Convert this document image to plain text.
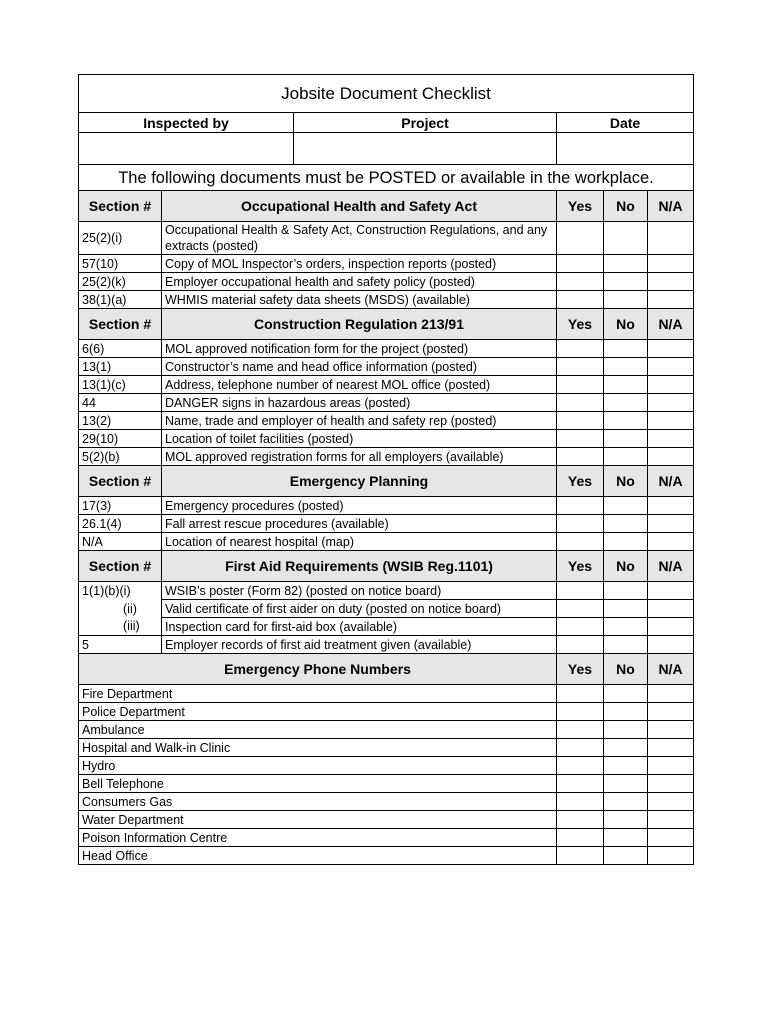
Jobsite Document Checklist					
Inspected by		Project	Date		

The following documents must be POSTED or available in the workplace.					
Section #	Occupational Health and Safety Act		Yes	No	N/A
25(2)(i)	Occupational Health & Safety Act, Construction Regulations, and any extracts (posted)				
57(10)	Copy of MOL Inspector’s orders, inspection reports (posted)				
25(2)(k)	Employer occupational health and safety policy (posted)				
38(1)(a)	WHMIS material safety data sheets (MSDS) (available)				
Section #	Construction Regulation 213/91		Yes	No	N/A
6(6)	MOL approved notification form for the project (posted)				
13(1)	Constructor’s name and head office information (posted)				
13(1)(c)	Address, telephone number of nearest MOL office (posted)				
44	DANGER signs in hazardous areas (posted)				
13(2)	Name, trade and employer of health and safety rep (posted)				
29(10)	Location of toilet facilities (posted)				
5(2)(b)	MOL approved registration forms for all employers (available)				
Section #	Emergency Planning		Yes	No	N/A
17(3)	Emergency procedures (posted)				
26.1(4)	Fall arrest rescue procedures (available)				
N/A	Location of nearest hospital (map)				
Section #	First Aid Requirements (WSIB Reg.1101)		Yes	No	N/A
1(1)(b)(i)	WSIB’s poster (Form 82) (posted on notice board)				
(ii)	Valid certificate of first aider on duty (posted on notice board)				
(iii)	Inspection card for first-aid box (available)				
5	Employer records of first aid treatment given (available)				
Emergency Phone Numbers			Yes	No	N/A
Fire Department					
Police Department					
Ambulance					
Hospital and Walk-in Clinic					
Hydro					
Bell Telephone					
Consumers Gas					
Water Department					
Poison Information Centre					
Head Office					
